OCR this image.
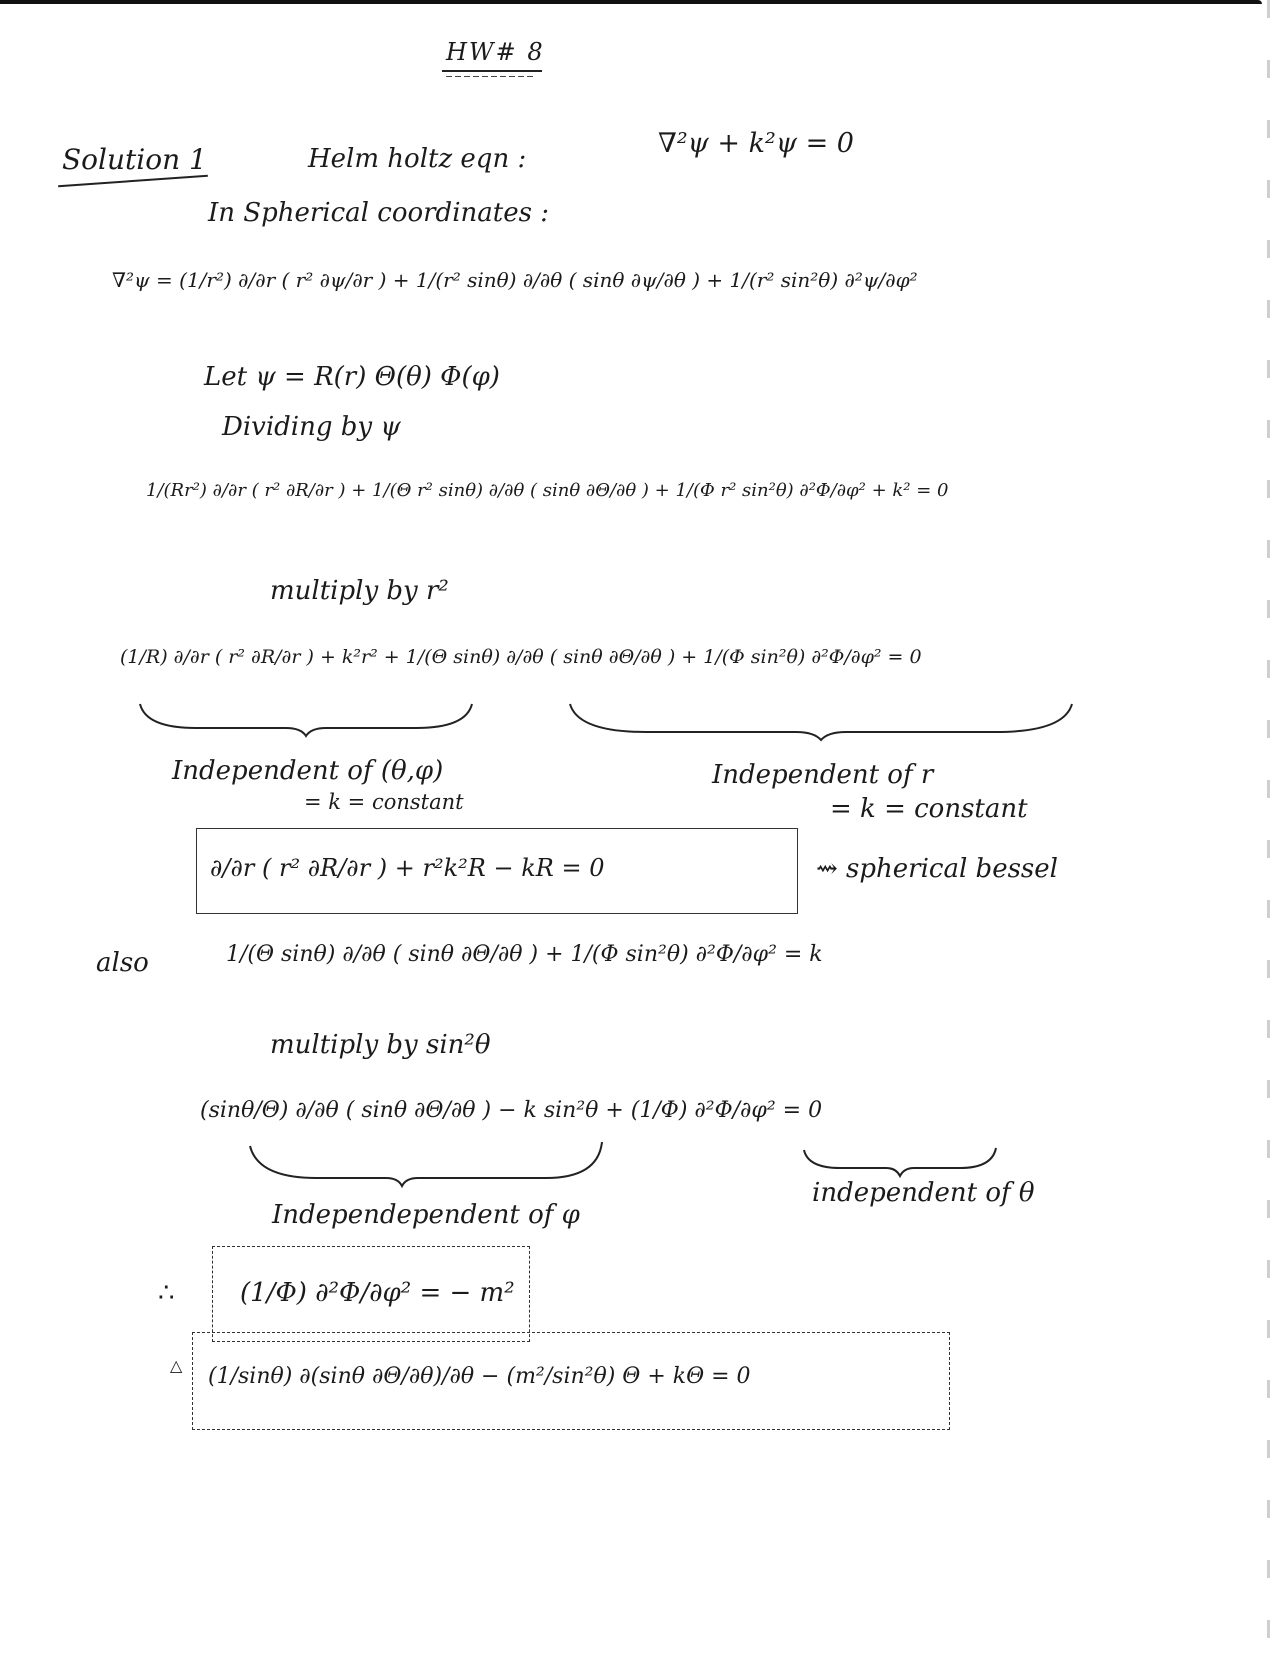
HW# 8
Solution 1	Helm holtz eqn :	∇²ψ + k²ψ = 0
In Spherical coordinates :
∇²ψ = (1/r²) ∂/∂r ( r² ∂ψ/∂r ) + 1/(r² sinθ) ∂/∂θ ( sinθ ∂ψ/∂θ ) + 1/(r² sin²θ) ∂²ψ/∂φ²
Let ψ = R(r) Θ(θ) Φ(φ)
Dividing by ψ
1/(Rr²) ∂/∂r ( r² ∂R/∂r ) + 1/(Θ r² sinθ) ∂/∂θ ( sinθ ∂Θ/∂θ ) + 1/(Φ r² sin²θ) ∂²Φ/∂φ² + k² = 0
multiply by r²
(1/R) ∂/∂r ( r² ∂R/∂r ) + k²r² + 1/(Θ sinθ) ∂/∂θ ( sinθ ∂Θ/∂θ ) + 1/(Φ sin²θ) ∂²Φ/∂φ² = 0
Independent of (θ,φ)
= k = constant
Independent of r
= k = constant
∂/∂r ( r² ∂R/∂r ) + r²k²R − kR = 0	⇝ spherical bessel
also	1/(Θ sinθ) ∂/∂θ ( sinθ ∂Θ/∂θ ) + 1/(Φ sin²θ) ∂²Φ/∂φ² = k
multiply by sin²θ
(sinθ/Θ) ∂/∂θ ( sinθ ∂Θ/∂θ ) − k sin²θ + (1/Φ) ∂²Φ/∂φ² = 0
Independependent of φ
independent of θ
∴	(1/Φ) ∂²Φ/∂φ² = − m²
△ (1/sinθ) ∂(sinθ ∂Θ/∂θ)/∂θ − (m²/sin²θ) Θ + kΘ = 0
